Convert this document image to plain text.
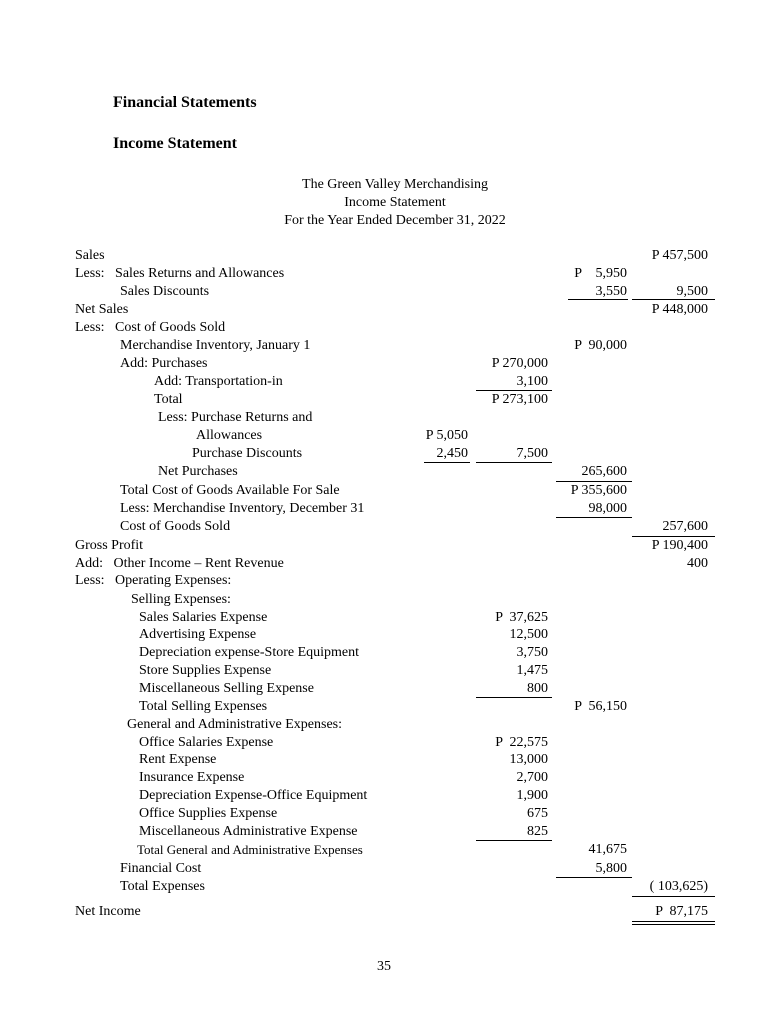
Financial Statements
Income Statement
The Green Valley Merchandising
Income Statement
For the Year Ended December 31, 2022
Sales	P 457,500
Less:   Sales Returns and Allowances	P    5,950
Sales Discounts	3,550	9,500
Net Sales	P 448,000
Less:   Cost of Goods Sold
Merchandise Inventory, January 1	P  90,000
Add: Purchases	P 270,000
Add: Transportation-in	3,100
Total	P 273,100
Less: Purchase Returns and
Allowances	P 5,050
Purchase Discounts	2,450	7,500
Net Purchases	265,600
Total Cost of Goods Available For Sale	P 355,600
Less: Merchandise Inventory, December 31	98,000
Cost of Goods Sold	257,600
Gross Profit	P 190,400
Add:   Other Income – Rent Revenue	400
Less:   Operating Expenses:
Selling Expenses:
Sales Salaries Expense	P  37,625
Advertising Expense	12,500
Depreciation expense-Store Equipment	3,750
Store Supplies Expense	1,475
Miscellaneous Selling Expense	800
Total Selling Expenses	P  56,150
General and Administrative Expenses:
Office Salaries Expense	P  22,575
Rent Expense	13,000
Insurance Expense	2,700
Depreciation Expense-Office Equipment	1,900
Office Supplies Expense	675
Miscellaneous Administrative Expense	825
Total General and Administrative Expenses	41,675
Financial Cost	5,800
Total Expenses	( 103,625)
Net Income	P  87,175
35
